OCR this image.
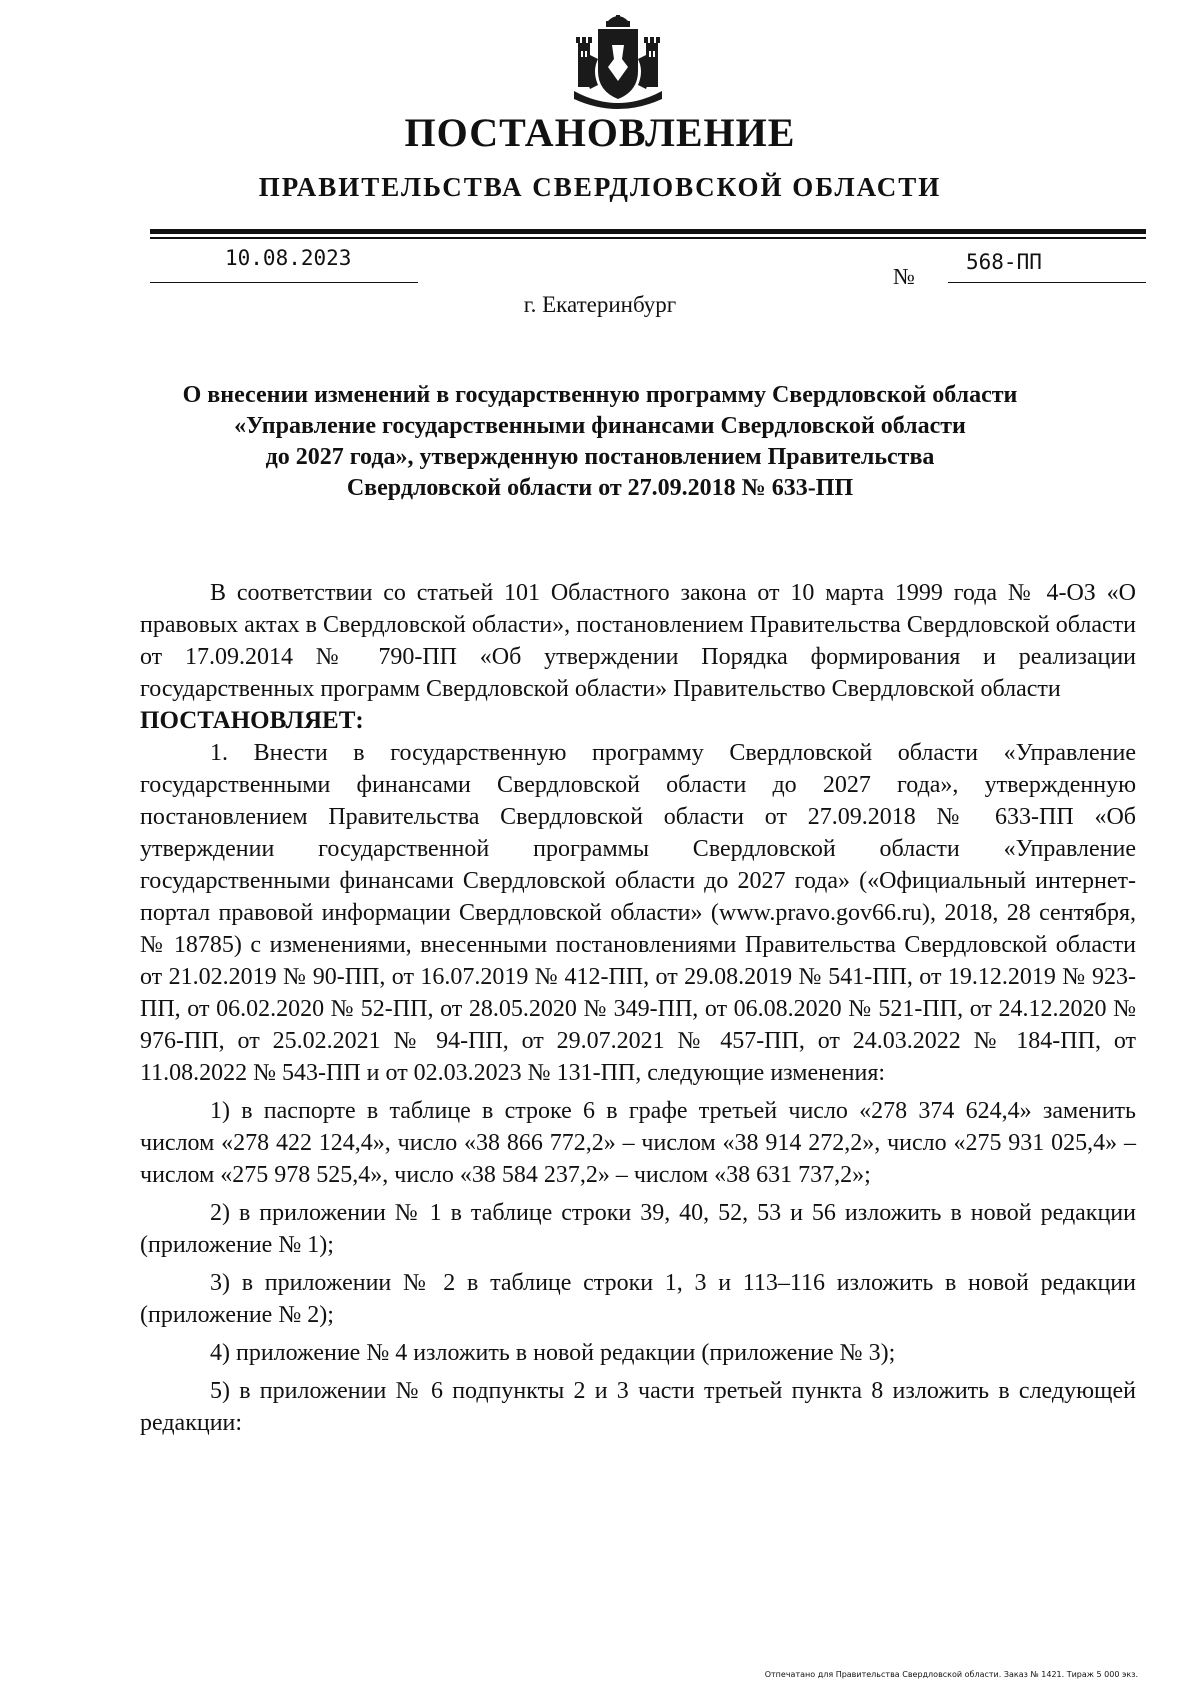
ПОСТАНОВЛЕНИЕ
ПРАВИТЕЛЬСТВА СВЕРДЛОВСКОЙ ОБЛАСТИ
10.08.2023
№
568-ПП
г. Екатеринбург
О внесении изменений в государственную программу Свердловской области
«Управление государственными финансами Свердловской области
до 2027 года», утвержденную постановлением Правительства
Свердловской области от 27.09.2018 № 633-ПП

В соответствии со статьей 101 Областного закона от 10 марта 1999 года № 4-ОЗ «О правовых актах в Свердловской области», постановлением Правительства Свердловской области от 17.09.2014 № 790-ПП «Об утверждении Порядка формирования и реализации государственных программ Свердловской области» Правительство Свердловской области

ПОСТАНОВЛЯЕТ:

1. Внести в государственную программу Свердловской области «Управление государственными финансами Свердловской области до 2027 года», утвержденную постановлением Правительства Свердловской области от 27.09.2018 № 633-ПП «Об утверждении государственной программы Свердловской области «Управление государственными финансами Свердловской области до 2027 года» («Официальный интернет-портал правовой информации Свердловской области» (www.pravo.gov66.ru), 2018, 28 сентября, № 18785) с изменениями, внесенными постановлениями Правительства Свердловской области от 21.02.2019 № 90-ПП, от 16.07.2019 № 412-ПП, от 29.08.2019 № 541-ПП, от 19.12.2019 № 923-ПП, от 06.02.2020 № 52-ПП, от 28.05.2020 № 349-ПП, от 06.08.2020 № 521-ПП, от 24.12.2020 № 976-ПП, от 25.02.2021 № 94-ПП, от 29.07.2021 № 457-ПП, от 24.03.2022 № 184-ПП, от 11.08.2022 № 543-ПП и от 02.03.2023 № 131-ПП, следующие изменения:

1) в паспорте в таблице в строке 6 в графе третьей число «278 374 624,4» заменить числом «278 422 124,4», число «38 866 772,2» – числом «38 914 272,2», число «275 931 025,4» – числом «275 978 525,4», число «38 584 237,2» – числом «38 631 737,2»;

2) в приложении № 1 в таблице строки 39, 40, 52, 53 и 56 изложить в новой редакции (приложение № 1);

3) в приложении № 2 в таблице строки 1, 3 и 113–116 изложить в новой редакции (приложение № 2);

4) приложение № 4 изложить в новой редакции (приложение № 3);

5) в приложении № 6 подпункты 2 и 3 части третьей пункта 8 изложить в следующей редакции:

Отпечатано для Правительства Свердловской области. Заказ № 1421. Тираж 5 000 экз.
